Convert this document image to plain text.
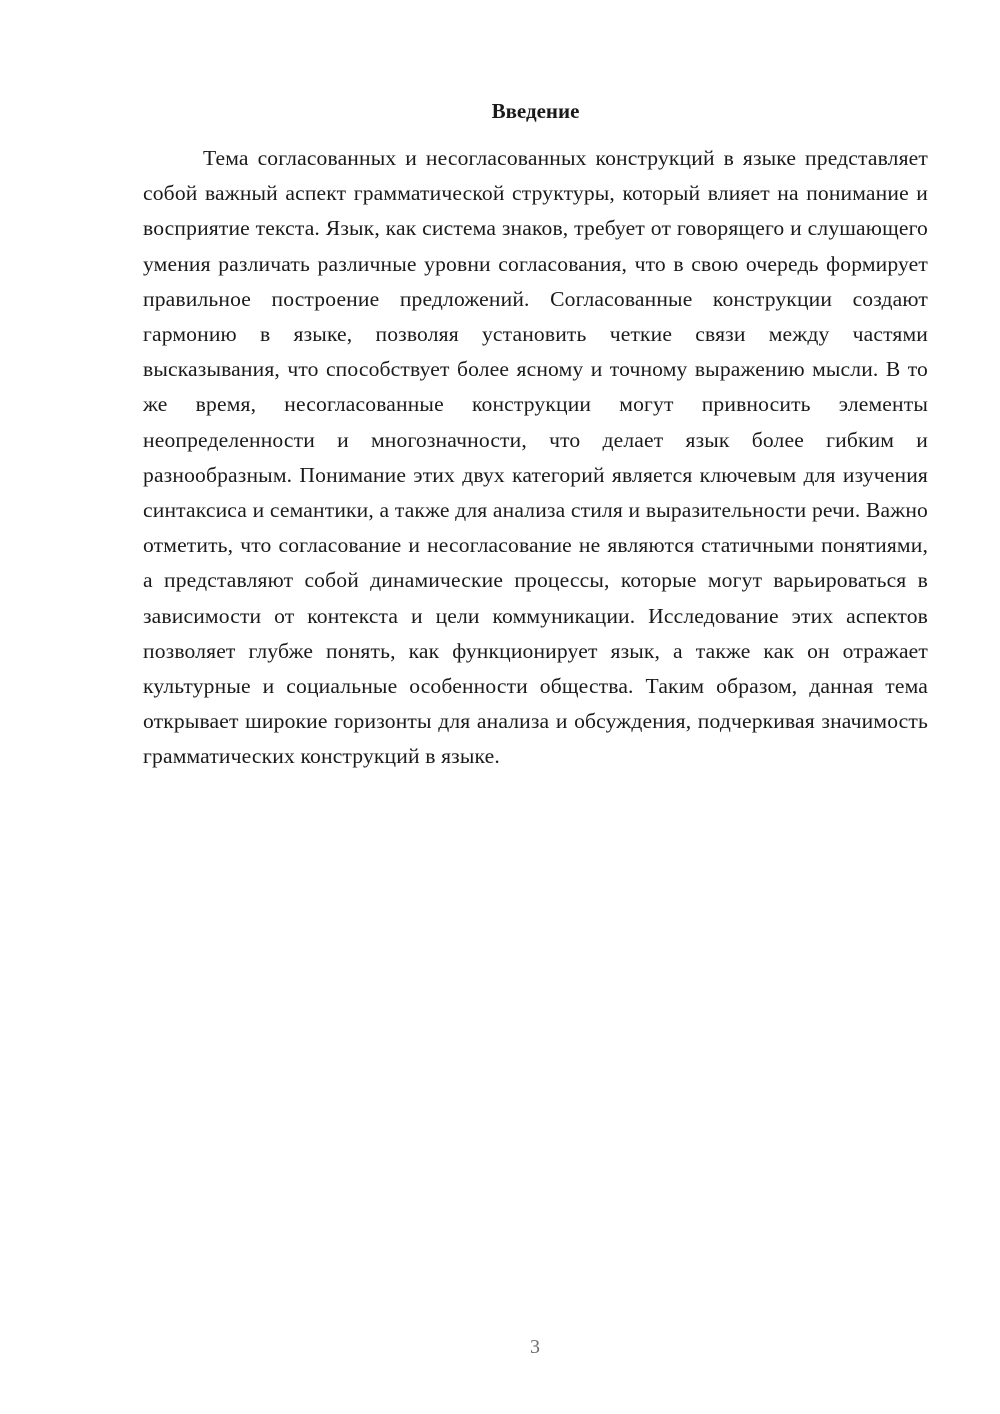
Введение

Тема согласованных и несогласованных конструкций в языке представляет собой важный аспект грамматической структуры, который влияет на понимание и восприятие текста. Язык, как система знаков, требует от говорящего и слушающего умения различать различные уровни согласования, что в свою очередь формирует правильное построение предложений. Согласованные конструкции создают гармонию в языке, позволяя установить четкие связи между частями высказывания, что способствует более ясному и точному выражению мысли. В то же время, несогласованные конструкции могут привносить элементы неопределенности и многозначности, что делает язык более гибким и разнообразным. Понимание этих двух категорий является ключевым для изучения синтаксиса и семантики, а также для анализа стиля и выразительности речи. Важно отметить, что согласование и несогласование не являются статичными понятиями, а представляют собой динамические процессы, которые могут варьироваться в зависимости от контекста и цели коммуникации. Исследование этих аспектов позволяет глубже понять, как функционирует язык, а также как он отражает культурные и социальные особенности общества. Таким образом, данная тема открывает широкие горизонты для анализа и обсуждения, подчеркивая значимость грамматических конструкций в языке.

3
